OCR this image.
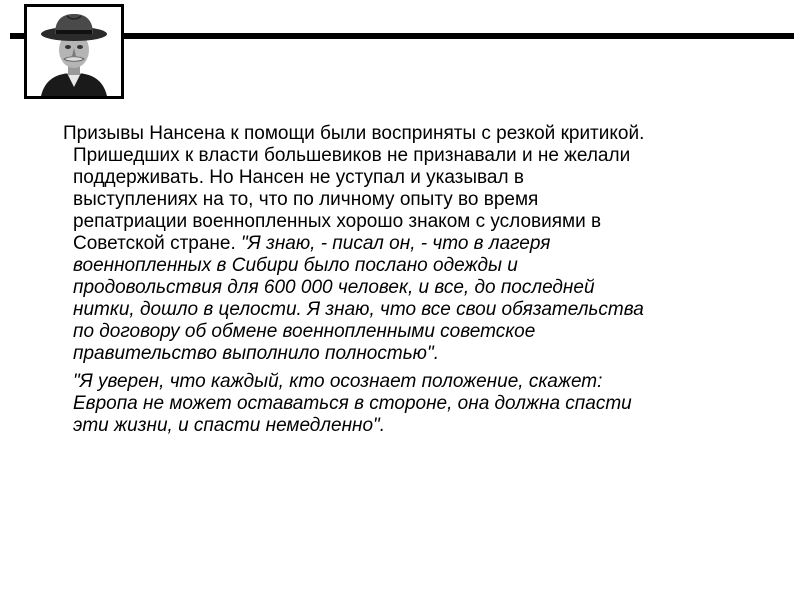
Призывы Нансена к помощи были восприняты с резкой критикой.
Пришедших к власти большевиков не признавали и не желали
поддерживать. Но Нансен не уступал и указывал в
выступлениях на то, что по личному опыту во время
репатриации военнопленных хорошо знаком с условиями в
Советской стране. "Я знаю, - писал он, - что в лагеря
военнопленных в Сибири было послано одежды и
продовольствия для 600 000 человек, и все, до последней
нитки, дошло в целости. Я знаю, что все свои обязательства
по договору об обмене военнопленными советское
правительство выполнило полностью".

"Я уверен, что каждый, кто осознает положение, скажет:
Европа не может оставаться в стороне, она должна спасти
эти жизни, и спасти немедленно".
